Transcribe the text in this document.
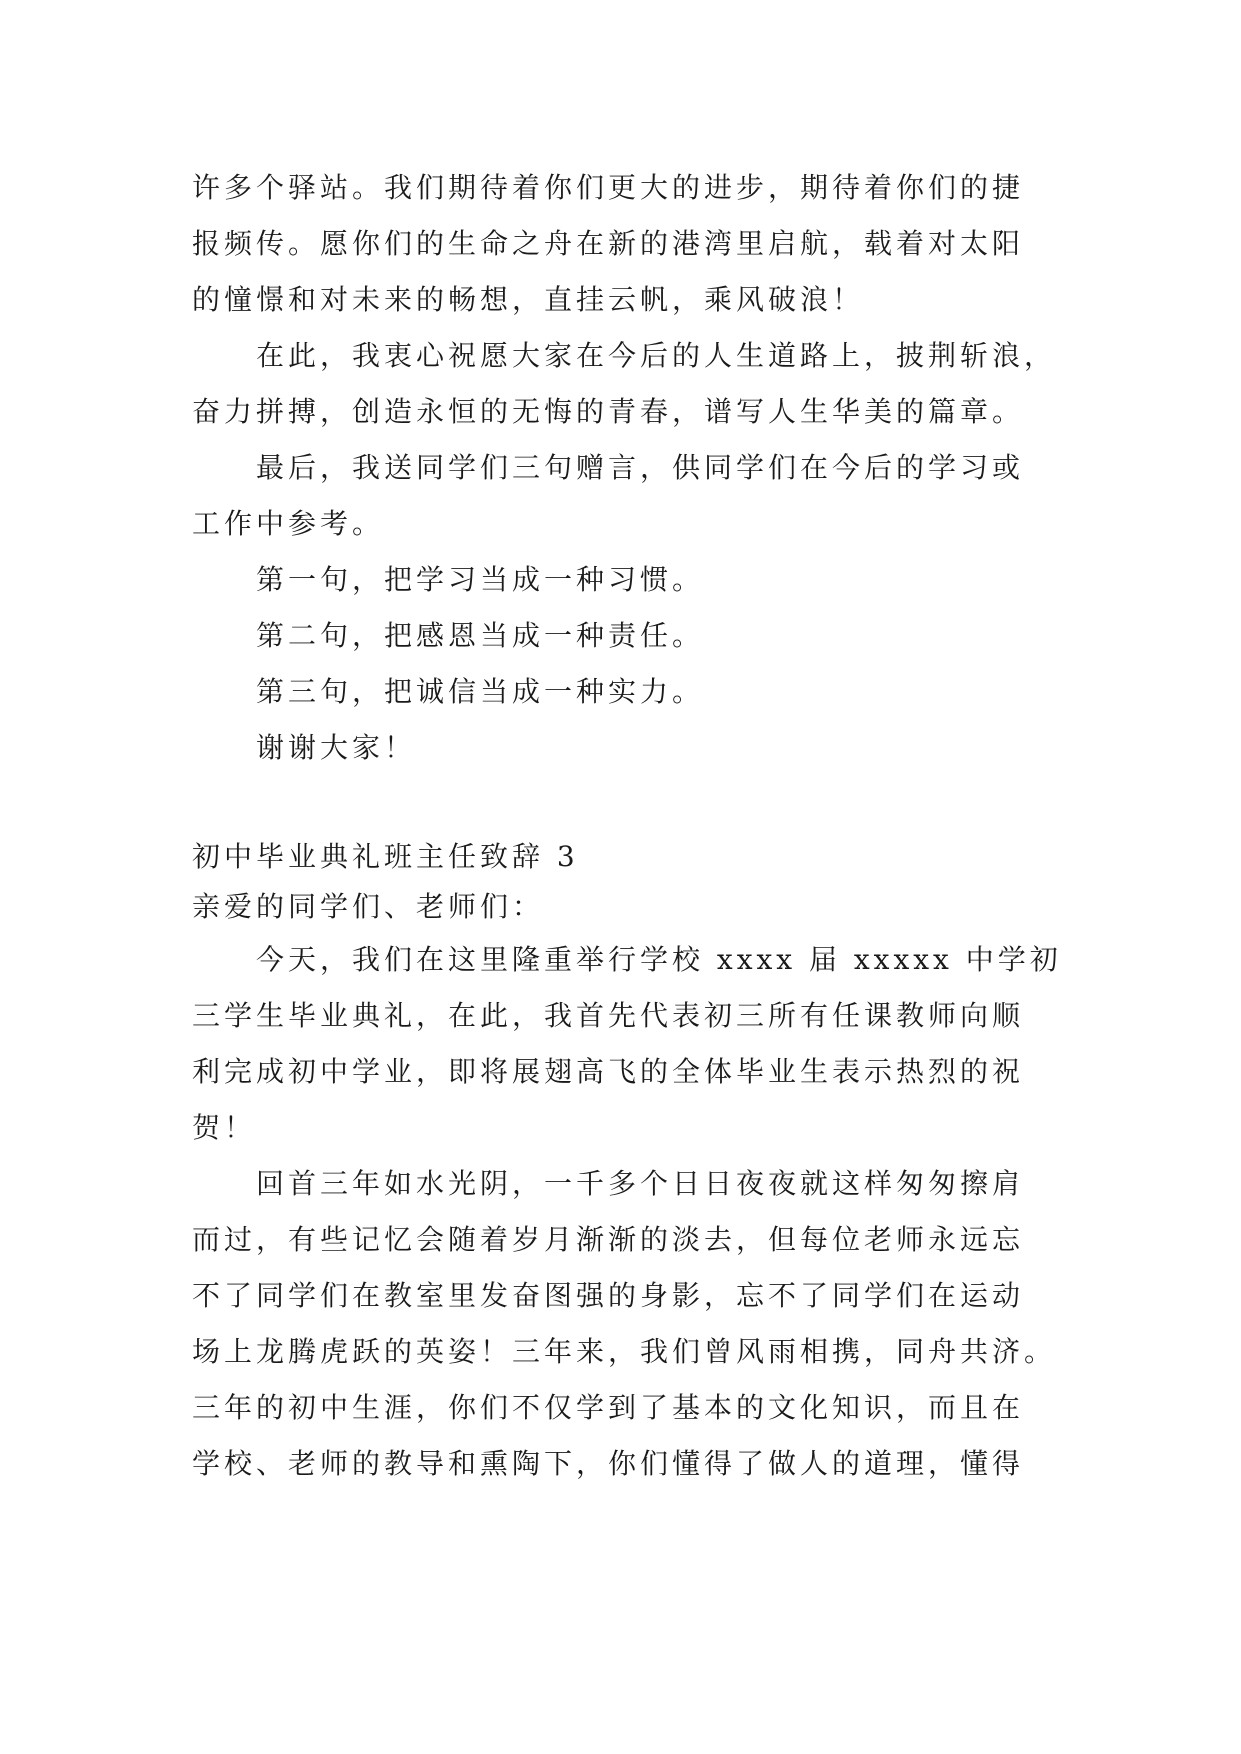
许多个驿站。我们期待着你们更大的进步，期待着你们的捷
报频传。愿你们的生命之舟在新的港湾里启航，载着对太阳
的憧憬和对未来的畅想，直挂云帆，乘风破浪！
在此，我衷心祝愿大家在今后的人生道路上，披荆斩浪，
奋力拼搏，创造永恒的无悔的青春，谱写人生华美的篇章。
最后，我送同学们三句赠言，供同学们在今后的学习或
工作中参考。
第一句，把学习当成一种习惯。
第二句，把感恩当成一种责任。
第三句，把诚信当成一种实力。
谢谢大家！
初中毕业典礼班主任致辞 3
亲爱的同学们、老师们：
今天，我们在这里隆重举行学校 xxxx 届 xxxxx 中学初
三学生毕业典礼，在此，我首先代表初三所有任课教师向顺
利完成初中学业，即将展翅高飞的全体毕业生表示热烈的祝
贺！
回首三年如水光阴，一千多个日日夜夜就这样匆匆擦肩
而过，有些记忆会随着岁月渐渐的淡去，但每位老师永远忘
不了同学们在教室里发奋图强的身影，忘不了同学们在运动
场上龙腾虎跃的英姿！三年来，我们曾风雨相携，同舟共济。
三年的初中生涯，你们不仅学到了基本的文化知识，而且在
学校、老师的教导和熏陶下，你们懂得了做人的道理，懂得
